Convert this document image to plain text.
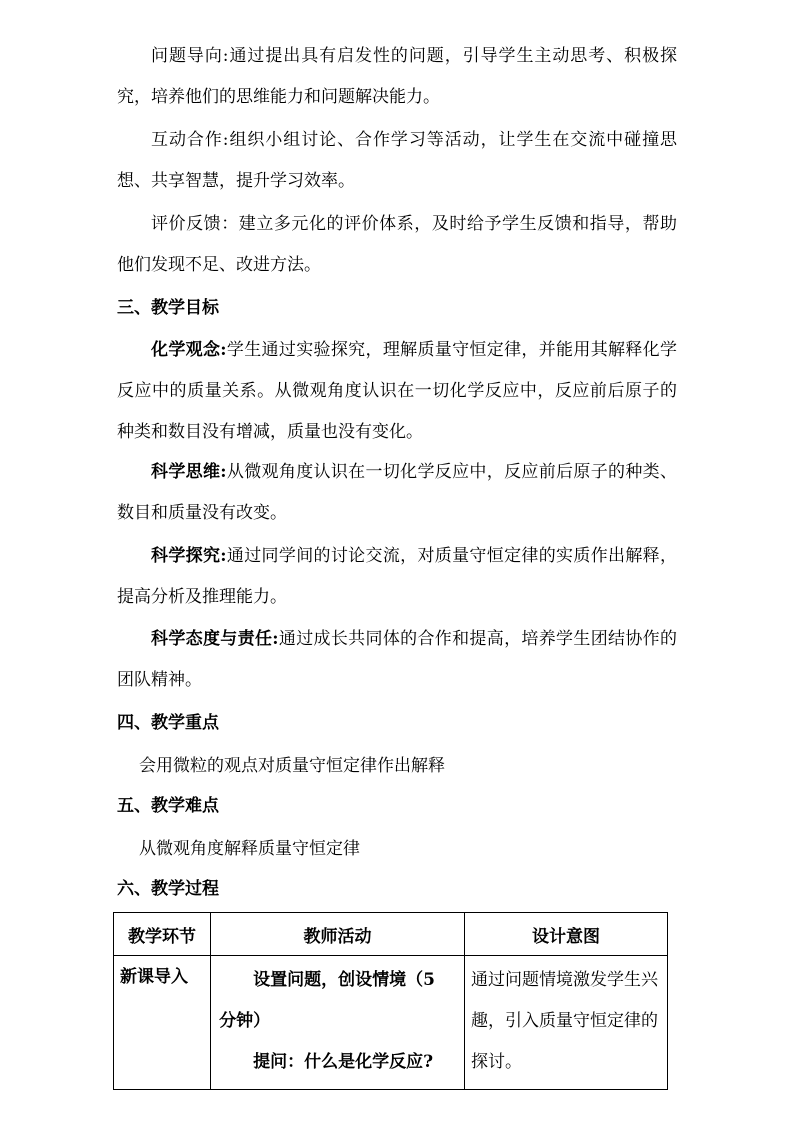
问题导向:通过提出具有启发性的问题，引导学生主动思考、积极探究，培养他们的思维能力和问题解决能力。

互动合作:组织小组讨论、合作学习等活动，让学生在交流中碰撞思想、共享智慧，提升学习效率。

评价反馈：建立多元化的评价体系，及时给予学生反馈和指导，帮助他们发现不足、改进方法。

三、教学目标

化学观念:学生通过实验探究，理解质量守恒定律，并能用其解释化学反应中的质量关系。从微观角度认识在一切化学反应中，反应前后原子的种类和数目没有增减，质量也没有变化。

科学思维:从微观角度认识在一切化学反应中，反应前后原子的种类、数目和质量没有改变。

科学探究:通过同学间的讨论交流，对质量守恒定律的实质作出解释，提高分析及推理能力。

科学态度与责任:通过成长共同体的合作和提高，培养学生团结协作的团队精神。

四、教学重点

会用微粒的观点对质量守恒定律作出解释

五、教学难点

从微观角度解释质量守恒定律

六、教学过程

教学环节	教师活动	设计意图
新课导入	设置问题，创设情境（5
分钟）
提问：什么是化学反应?	通过问题情境激发学生兴趣，引入质量守恒定律的探讨。
